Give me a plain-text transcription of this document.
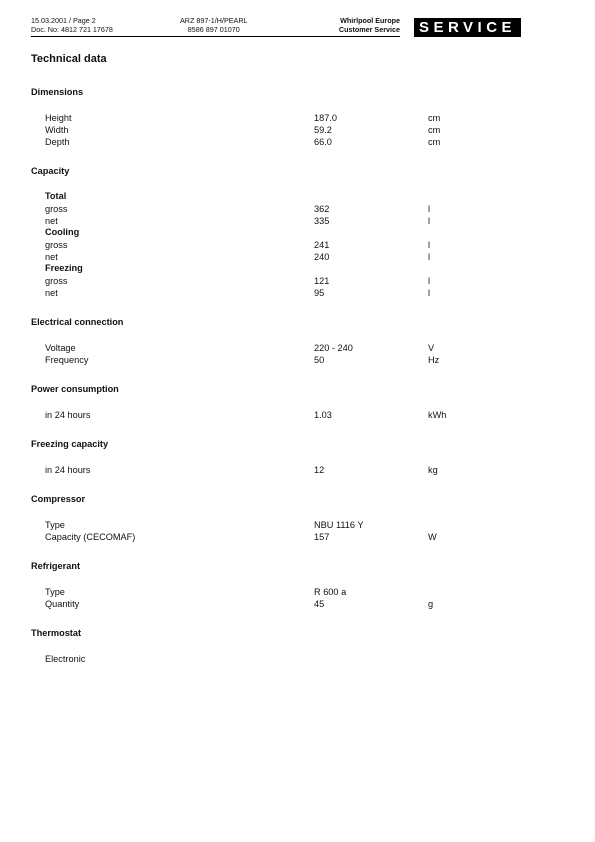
15.03.2001 / Page 2
Doc. No: 4812 721 17678
ARZ 897-1/H/PEARL
8586 897 01070
Whirlpool Europe
Customer Service	SERVICE
Technical data
Dimensions
Height	187.0	cm
Width	59.2	cm
Depth	66.0	cm
Capacity
Total
gross	362	l
net	335	l
Cooling
gross	241	l
net	240	l
Freezing
gross	121	l
net	95	l
Electrical connection
Voltage	220 - 240	V
Frequency	50	Hz
Power consumption
in 24 hours	1.03	kWh
Freezing capacity
in 24 hours	12	kg
Compressor
Type	NBU 1116 Y
Capacity (CECOMAF)	157	W
Refrigerant
Type	R 600 a
Quantity	45	g
Thermostat
Electronic
